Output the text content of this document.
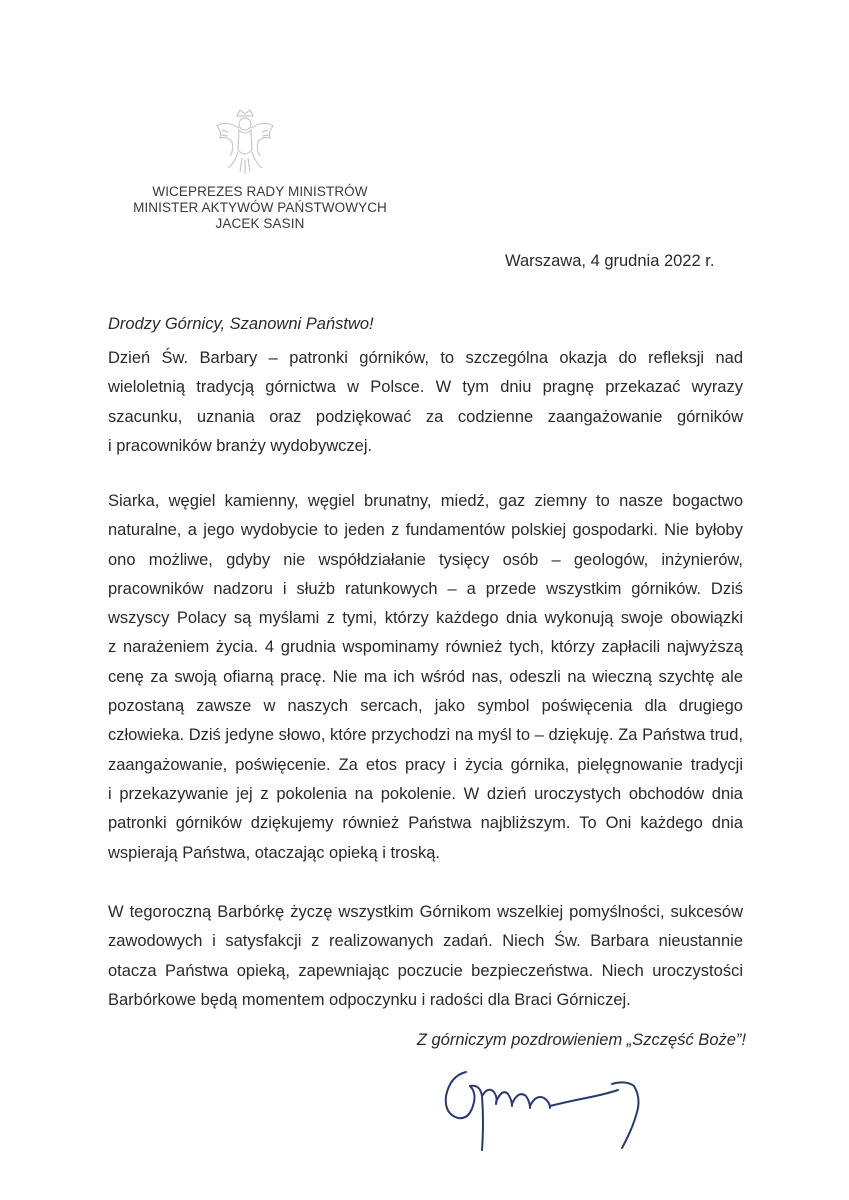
WICEPREZES RADY MINISTRÓW
MINISTER AKTYWÓW PAŃSTWOWYCH
JACEK SASIN
Warszawa, 4 grudnia 2022 r.
Drodzy Górnicy, Szanowni Państwo!
Dzień Św. Barbary – patronki górników, to szczególna okazja do refleksji nad
wieloletnią tradycją górnictwa w Polsce. W tym dniu pragnę przekazać wyrazy
szacunku, uznania oraz podziękować za codzienne zaangażowanie górników
i pracowników branży wydobywczej.
Siarka, węgiel kamienny, węgiel brunatny, miedź, gaz ziemny to nasze bogactwo
naturalne, a jego wydobycie to jeden z fundamentów polskiej gospodarki. Nie byłoby
ono możliwe, gdyby nie współdziałanie tysięcy osób – geologów, inżynierów,
pracowników nadzoru i służb ratunkowych – a przede wszystkim górników. Dziś
wszyscy Polacy są myślami z tymi, którzy każdego dnia wykonują swoje obowiązki
z narażeniem życia. 4 grudnia wspominamy również tych, którzy zapłacili najwyższą
cenę za swoją ofiarną pracę. Nie ma ich wśród nas, odeszli na wieczną szychtę ale
pozostaną zawsze w naszych sercach, jako symbol poświęcenia dla drugiego
człowieka. Dziś jedyne słowo, które przychodzi na myśl to – dziękuję. Za Państwa trud,
zaangażowanie, poświęcenie. Za etos pracy i życia górnika, pielęgnowanie tradycji
i przekazywanie jej z pokolenia na pokolenie. W dzień uroczystych obchodów dnia
patronki górników dziękujemy również Państwa najbliższym. To Oni każdego dnia
wspierają Państwa, otaczając opieką i troską.
W tegoroczną Barbórkę życzę wszystkim Górnikom wszelkiej pomyślności, sukcesów
zawodowych i satysfakcji z realizowanych zadań. Niech Św. Barbara nieustannie
otacza Państwa opieką, zapewniając poczucie bezpieczeństwa. Niech uroczystości
Barbórkowe będą momentem odpoczynku i radości dla Braci Górniczej.
Z górniczym pozdrowieniem „Szczęść Boże”!
